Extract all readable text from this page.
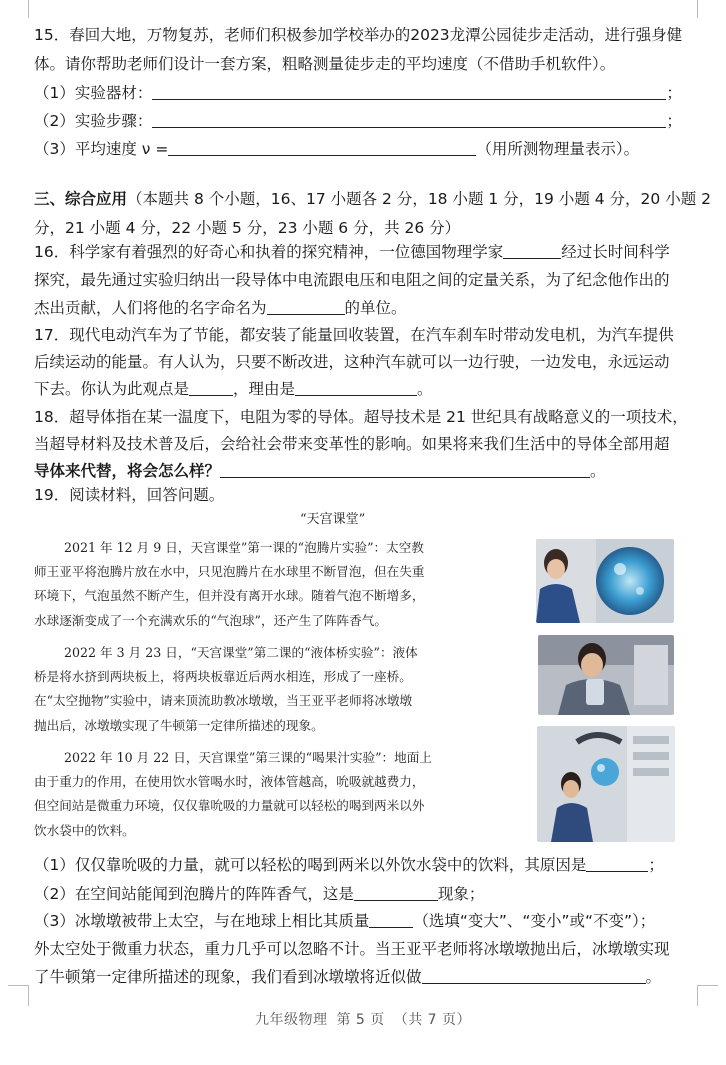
15．春回大地，万物复苏，老师们积极参加学校举办的2023龙潭公园徒步走活动，进行强身健
体。请你帮助老师们设计一套方案，粗略测量徒步走的平均速度（不借助手机软件）。
（1）实验器材：	；
（2）实验步骤：	；
（3）平均速度 ν =	（用所测物理量表示）。
三、综合应用（本题共 8 个小题，16、17 小题各 2 分，18 小题 1 分，19 小题 4 分，20 小题 2
分，21 小题 4 分，22 小题 5 分，23 小题 6 分，共 26 分）
16．科学家有着强烈的好奇心和执着的探究精神，一位德国物理学家	经过长时间科学
探究，最先通过实验归纳出一段导体中电流跟电压和电阻之间的定量关系，为了纪念他作出的
杰出贡献，人们将他的名字命名为	的单位。
17．现代电动汽车为了节能，都安装了能量回收装置，在汽车刹车时带动发电机，为汽车提供
后续运动的能量。有人认为，只要不断改进，这种汽车就可以一边行驶，一边发电，永远运动
下去。你认为此观点是	，理由是	。
18．超导体指在某一温度下，电阻为零的导体。超导技术是 21 世纪具有战略意义的一项技术，
当超导材料及技术普及后，会给社会带来变革性的影响。如果将来我们生活中的导体全部用超
导体来代替，将会怎么样？	。
19．阅读材料，回答问题。
“天宫课堂”
2021 年 12 月 9 日，天宫课堂”第一课的“泡腾片实验”：太空教
师王亚平将泡腾片放在水中，只见泡腾片在水球里不断冒泡，但在失重
环境下，气泡虽然不断产生，但并没有离开水球。随着气泡不断增多，
水球逐渐变成了一个充满欢乐的“气泡球”，还产生了阵阵香气。
2022 年 3 月 23 日，“天宫课堂”第二课的“液体桥实验”：液体
桥是将水挤到两块板上，将两块板靠近后两水相连，形成了一座桥。
在“太空抛物”实验中，请来顶流助教冰墩墩，当王亚平老师将冰墩墩
抛出后，冰墩墩实现了牛顿第一定律所描述的现象。
2022 年 10 月 22 日，天宫课堂”第三课的“喝果汁实验”：地面上
由于重力的作用，在使用饮水管喝水时，液体管越高，吮吸就越费力，
但空间站是微重力环境，仅仅靠吮吸的力量就可以轻松的喝到两米以外
饮水袋中的饮料。
（1）仅仅靠吮吸的力量，就可以轻松的喝到两米以外饮水袋中的饮料，其原因是	；
（2）在空间站能闻到泡腾片的阵阵香气，这是	现象；
（3）冰墩墩被带上太空，与在地球上相比其质量	（选填“变大”、“变小”或“不变”）；
外太空处于微重力状态，重力几乎可以忽略不计。当王亚平老师将冰墩墩抛出后，冰墩墩实现
了牛顿第一定律所描述的现象，我们看到冰墩墩将近似做	。
九年级物理 第 5 页 （共 7 页）
